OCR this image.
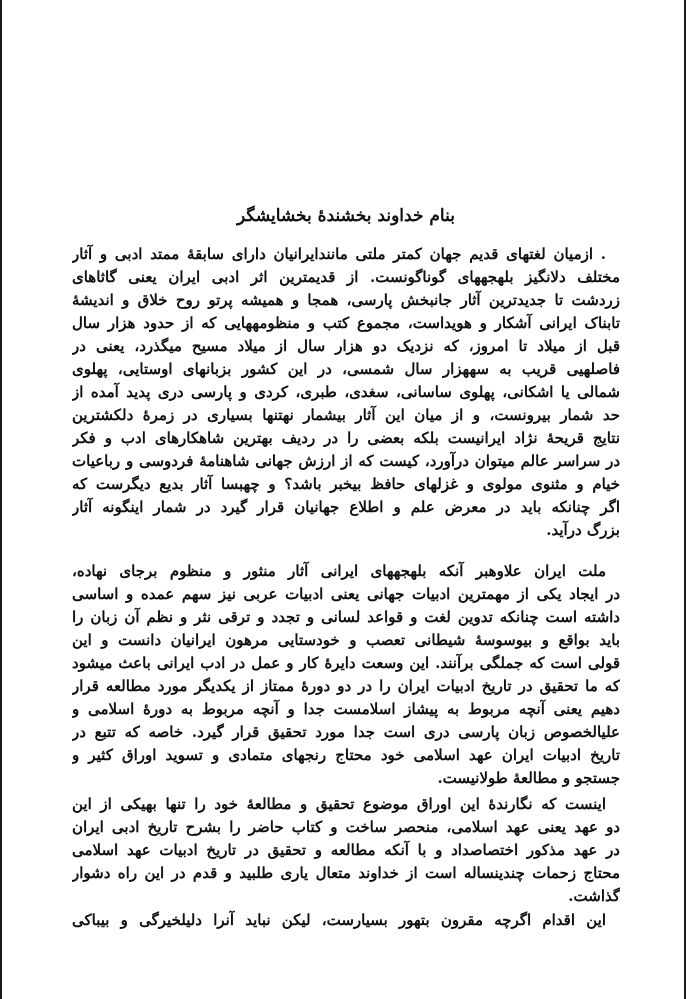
بنام خداوند بخشندۀ بخشایشگر
. ازمیان لغتهای قدیم جهان کمتر ملتی مانندایرانیان دارای سابقۀ ممتد ادبی و آثار
مختلف دلانگیز بلهجههای گوناگونست. از قدیمترین اثر ادبی ایران یعنی گاثاهای
زردشت تا جدیدترین آثار جانبخش پارسی، همجا و همیشه پرتو روح خلاق و اندیشۀ
تابناک ایرانی آشکار و هویداست، مجموع کتب و منظومههایی که از حدود هزار سال
قبل از میلاد تا امروز، که نزدیک دو هزار سال از میلاد مسیح میگذرد، یعنی در
فاصلهیی قریب به سههزار سال شمسی، در این کشور بزبانهای اوستایی، پهلوی
شمالی یا اشکانی، پهلوی ساسانی، سغدی، طبری، کردی و پارسی دری پدید آمده از
حد شمار بیرونست، و از میان این آثار بیشمار نهتنها بسیاری در زمرۀ دلکشترین
نتایج قریحۀ نژاد ایرانیست بلکه بعضی را در ردیف بهترین شاهکارهای ادب و فکر
در سراسر عالم میتوان درآورد، کیست که از ارزش جهانی شاهنامۀ فردوسی و رباعیات
خیام و مثنوی مولوی و غزلهای حافظ بیخبر باشد؟ و چهبسا آثار بدیع دیگرست که
اگر چنانکه باید در معرض علم و اطلاع جهانیان قرار گیرد در شمار اینگونه آثار
بزرگ درآید.
ملت ایران علاوهبر آنکه بلهجههای ایرانی آثار منثور و منظوم برجای نهاده،
در ایجاد یکی از مهمترین ادبیات جهانی یعنی ادبیات عربی نیز سهم عمده و اساسی
داشته است چنانکه تدوین لغت و قواعد لسانی و تجدد و ترقی نثر و نظم آن زبان را
باید بواقع و بیوسوسۀ شیطانی تعصب و خودستایی مرهون ایرانیان دانست و این
قولی است که جملگی برآنند. این وسعت دایرۀ کار و عمل در ادب ایرانی باعث میشود
که ما تحقیق در تاریخ ادبیات ایران را در دو دورۀ ممتاز از یکدیگر مورد مطالعه قرار
دهیم یعنی آنچه مربوط به پیشاز اسلامست جدا و آنچه مربوط به دورۀ اسلامی و
علیالخصوص زبان پارسی دری است جدا مورد تحقیق قرار گیرد. خاصه که تتبع در
تاریخ ادبیات ایران عهد اسلامی خود محتاج رنجهای متمادی و تسوید اوراق کثیر و
جستجو و مطالعۀ طولانیست.
اینست که نگارندۀ این اوراق موضوع تحقیق و مطالعۀ خود را تنها بهیکی از این
دو عهد یعنی عهد اسلامی، منحصر ساخت و کتاب حاضر را بشرح تاریخ ادبی ایران
در عهد مذکور اختصاصداد و با آنکه مطالعه و تحقیق در تاریخ ادبیات عهد اسلامی
محتاج زحمات چندینساله است از خداوند متعال یاری طلبید و قدم در این راه دشوار
گذاشت.
این اقدام اگرچه مقرون بتهور بسیارست، لیکن نباید آنرا دلیلخیرگی و بیباکی
